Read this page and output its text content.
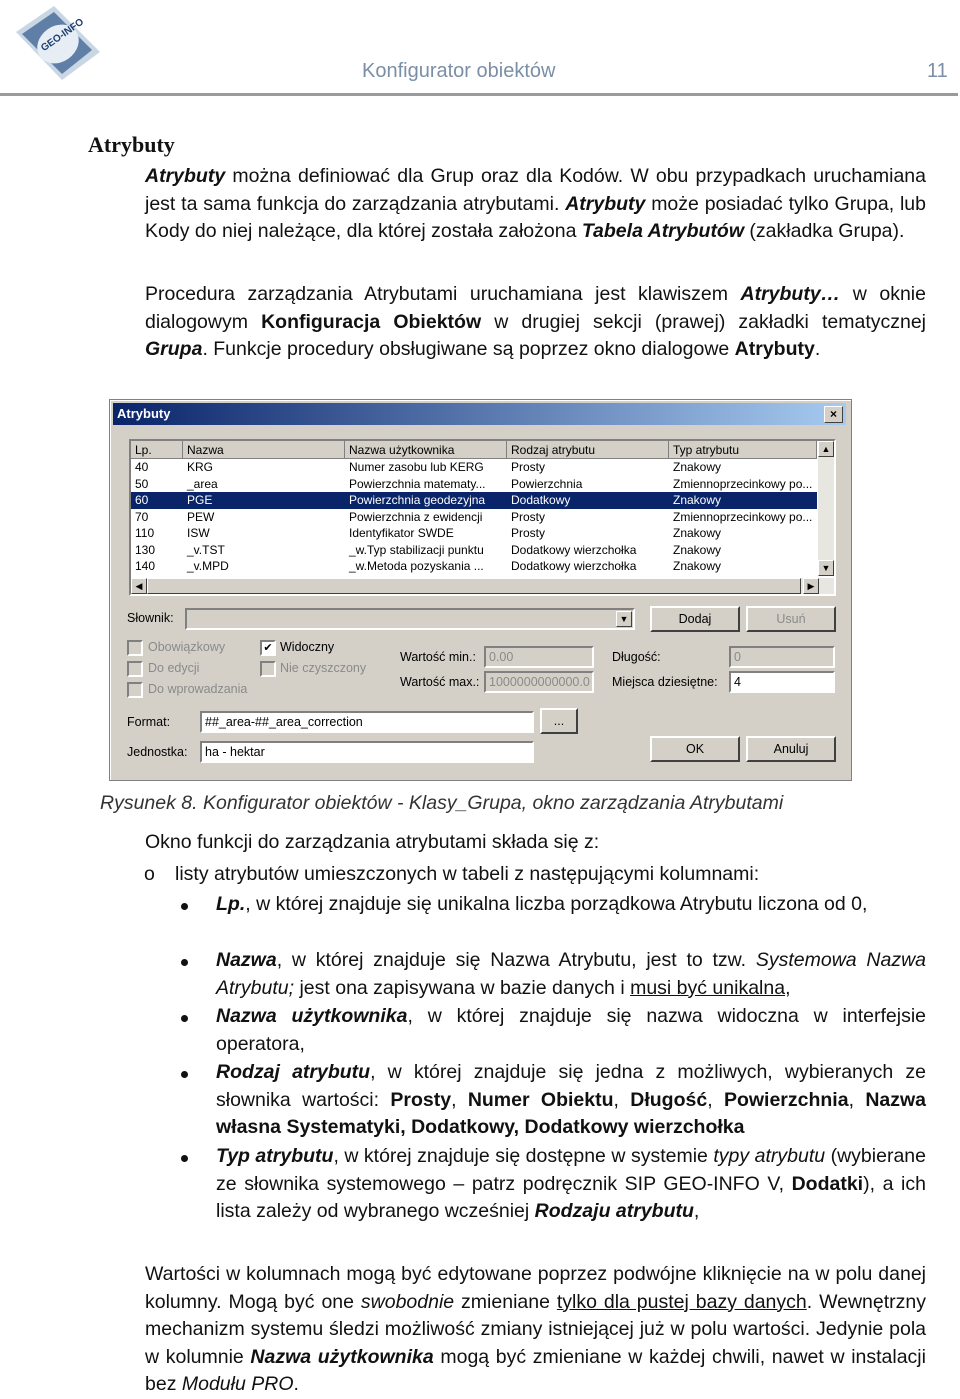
GEO-INFO
Konfigurator obiektów	11
Atrybuty
Atrybuty można definiować dla Grup oraz dla Kodów. W obu przypadkach uruchamiana jest ta sama funkcja do zarządzania atrybutami. Atrybuty może posiadać tylko Grupa, lub Kody do niej należące, dla której została założona Tabela Atrybutów (zakładka Grupa).
Procedura zarządzania Atrybutami uruchamiana jest klawiszem Atrybuty… w oknie dialogowym Konfiguracja Obiektów w drugiej sekcji (prawej) zakładki tematycznej Grupa. Funkcje procedury obsługiwane są poprzez okno dialogowe Atrybuty.
Atrybuty	×
Lp.	Nazwa	Nazwa użytkownika	Rodzaj atrybutu	Typ atrybutu
40	KRG	Numer zasobu lub KERG	Prosty	Znakowy
50	_area	Powierzchnia matematy...	Powierzchnia	Zmiennoprzecinkowy po...
60	PGE	Powierzchnia geodezyjna	Dodatkowy	Znakowy
70	PEW	Powierzchnia z ewidencji	Prosty	Zmiennoprzecinkowy po...
110	ISW	Identyfikator SWDE	Prosty	Znakowy
130	_v.TST	_w.Typ stabilizacji punktu	Dodatkowy wierzchołka	Znakowy
140	_v.MPD	_w.Metoda pozyskania ...	Dodatkowy wierzchołka	Znakowy
▲
▼
◀	▶
Słownik:	▼	Dodaj	Usuń
Obowiązkowy	✔ Widoczny
Do edycji	Nie czyszczony
Do wprowadzania
Wartość min.:	0.00
Wartość max.: 1000000000000.0
Długość:	0
Miejsca dziesiętne:	4
Format:	##_area-##_area_correction	...
Jednostka:	ha - hektar	OK	Anuluj
Rysunek 8. Konfigurator obiektów - Klasy_Grupa, okno zarządzania Atrybutami
Okno funkcji do zarządzania atrybutami składa się z:
o listy atrybutów umieszczonych w tabeli z następującymi kolumnami:
Lp., w której znajduje się unikalna liczba porządkowa Atrybutu liczona od 0,
Nazwa, w której znajduje się Nazwa Atrybutu, jest to tzw. Systemowa Nazwa Atrybutu; jest ona zapisywana w bazie danych i musi być unikalna,
Nazwa użytkownika, w której znajduje się nazwa widoczna w interfejsie operatora,
Rodzaj atrybutu, w której znajduje się jedna z możliwych, wybieranych ze słownika wartości: Prosty, Numer Obiektu, Długość, Powierzchnia, Nazwa własna Systematyki, Dodatkowy, Dodatkowy wierzchołka
Typ atrybutu, w której znajduje się dostępne w systemie typy atrybutu (wybierane ze słownika systemowego – patrz podręcznik SIP GEO-INFO V, Dodatki), a ich lista zależy od wybranego wcześniej Rodzaju atrybutu,
Wartości w kolumnach mogą być edytowane poprzez podwójne kliknięcie na w polu danej kolumny. Mogą być one swobodnie zmieniane tylko dla pustej bazy danych. Wewnętrzny mechanizm systemu śledzi możliwość zmiany istniejącej już w polu wartości. Jedynie pola w kolumnie Nazwa użytkownika mogą być zmieniane w każdej chwili, nawet w instalacji bez Modułu PRO.
